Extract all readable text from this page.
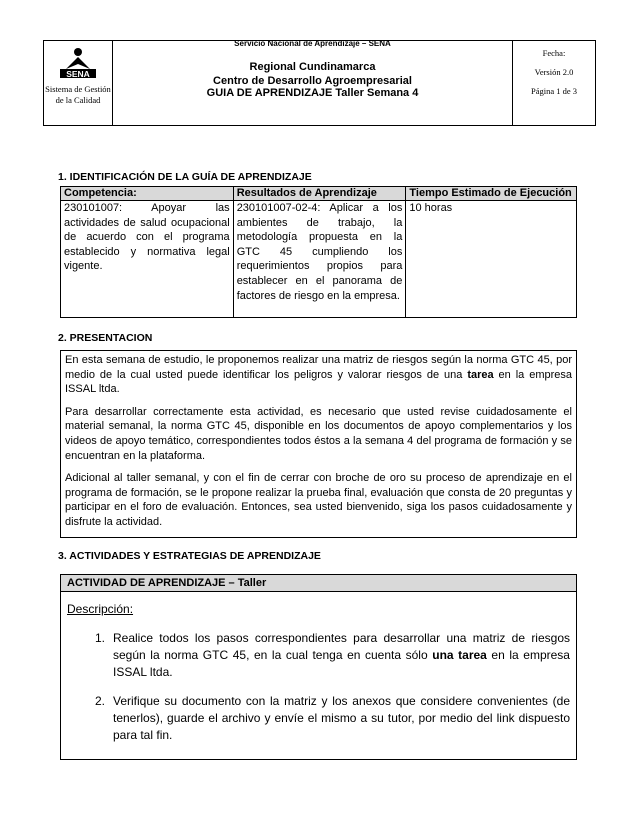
SENA
Sistema de Gestión de la Calidad
Servicio Nacional de Aprendizaje – SENA
Regional Cundinamarca
Centro de Desarrollo Agroempresarial
GUIA DE APRENDIZAJE Taller Semana 4
Fecha:
Versión 2.0
Página 1 de 3
1. IDENTIFICACIÓN DE LA GUÍA DE APRENDIZAJE
Competencia:	Resultados de Aprendizaje	Tiempo Estimado de Ejecución
230101007: Apoyar las actividades de salud ocupacional de acuerdo con el programa establecido y normativa legal vigente.	230101007-02-4: Aplicar a los ambientes de trabajo, la metodología propuesta en la GTC 45 cumpliendo los requerimientos propios para establecer en el panorama de factores de riesgo en la empresa.	10 horas
2. PRESENTACION

En esta semana de estudio, le proponemos realizar una matriz de riesgos según la norma GTC 45, por medio de la cual usted puede identificar los peligros y valorar riesgos de una tarea en la empresa ISSAL ltda.

Para desarrollar correctamente esta actividad, es necesario que usted revise cuidadosamente el material semanal, la norma GTC 45, disponible en los documentos de apoyo complementarios y los videos de apoyo temático, correspondientes todos éstos a la semana 4 del programa de formación y se encuentran en la plataforma.

Adicional al taller semanal, y con el fin de cerrar con broche de oro su proceso de aprendizaje en el programa de formación, se le propone realizar la prueba final, evaluación que consta de 20 preguntas y participar en el foro de evaluación. Entonces, sea usted bienvenido, siga los pasos cuidadosamente y disfrute la actividad.

3. ACTIVIDADES Y ESTRATEGIAS DE APRENDIZAJE
ACTIVIDAD DE APRENDIZAJE – Taller
Descripción:
1. Realice todos los pasos correspondientes para desarrollar una matriz de riesgos según la norma GTC 45, en la cual tenga en cuenta sólo una tarea en la empresa ISSAL ltda.
2. Verifique su documento con la matriz y los anexos que considere convenientes (de tenerlos), guarde el archivo y envíe el mismo a su tutor, por medio del link dispuesto para tal fin.
